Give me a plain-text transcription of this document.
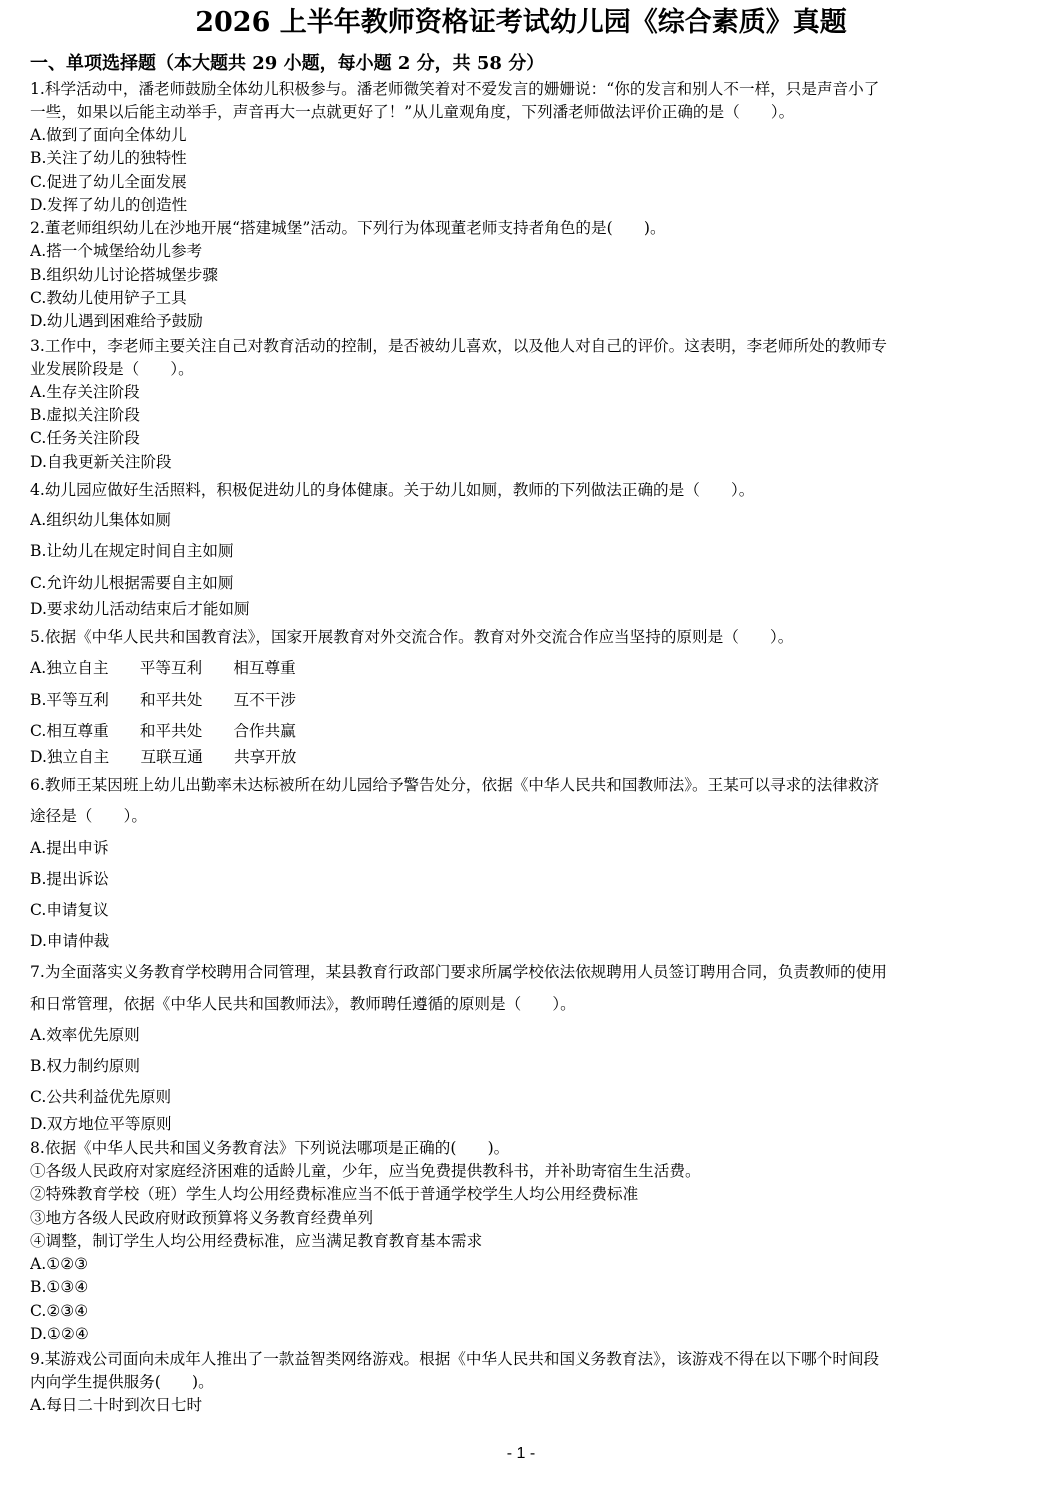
2026 上半年教师资格证考试幼儿园《综合素质》真题
一、单项选择题（本大题共 29 小题，每小题 2 分，共 58 分）
1.科学活动中，潘老师鼓励全体幼儿积极参与。潘老师微笑着对不爱发言的姗姗说：“你的发言和别人不一样，只是声音小了
一些，如果以后能主动举手，声音再大一点就更好了！”从儿童观角度，下列潘老师做法评价正确的是（　　）。
A.做到了面向全体幼儿
B.关注了幼儿的独特性
C.促进了幼儿全面发展
D.发挥了幼儿的创造性
2.董老师组织幼儿在沙地开展“搭建城堡”活动。下列行为体现董老师支持者角色的是(　　)。
A.搭一个城堡给幼儿参考
B.组织幼儿讨论搭城堡步骤
C.教幼儿使用铲子工具
D.幼儿遇到困难给予鼓励
3.工作中，李老师主要关注自己对教育活动的控制，是否被幼儿喜欢，以及他人对自己的评价。这表明，李老师所处的教师专
业发展阶段是（　　）。
A.生存关注阶段
B.虚拟关注阶段
C.任务关注阶段
D.自我更新关注阶段
4.幼儿园应做好生活照料，积极促进幼儿的身体健康。关于幼儿如厕，教师的下列做法正确的是（　　）。
A.组织幼儿集体如厕
B.让幼儿在规定时间自主如厕
C.允许幼儿根据需要自主如厕
D.要求幼儿活动结束后才能如厕
5.依据《中华人民共和国教育法》，国家开展教育对外交流合作。教育对外交流合作应当坚持的原则是（　　）。
A.独立自主　　平等互利　　相互尊重
B.平等互利　　和平共处　　互不干涉
C.相互尊重　　和平共处　　合作共赢
D.独立自主　　互联互通　　共享开放
6.教师王某因班上幼儿出勤率未达标被所在幼儿园给予警告处分，依据《中华人民共和国教师法》。王某可以寻求的法律救济
途径是（　　）。
A.提出申诉
B.提出诉讼
C.申请复议
D.申请仲裁
7.为全面落实义务教育学校聘用合同管理，某县教育行政部门要求所属学校依法依规聘用人员签订聘用合同，负责教师的使用
和日常管理，依据《中华人民共和国教师法》，教师聘任遵循的原则是（　　）。
A.效率优先原则
B.权力制约原则
C.公共利益优先原则
D.双方地位平等原则
8.依据《中华人民共和国义务教育法》下列说法哪项是正确的(　　)。
①各级人民政府对家庭经济困难的适龄儿童，少年，应当免费提供教科书，并补助寄宿生生活费。
②特殊教育学校（班）学生人均公用经费标准应当不低于普通学校学生人均公用经费标准
③地方各级人民政府财政预算将义务教育经费单列
④调整，制订学生人均公用经费标准，应当满足教育教育基本需求
A.①②③
B.①③④
C.②③④
D.①②④
9.某游戏公司面向未成年人推出了一款益智类网络游戏。根据《中华人民共和国义务教育法》，该游戏不得在以下哪个时间段
内向学生提供服务(　　)。
A.每日二十时到次日七时
- 1 -
